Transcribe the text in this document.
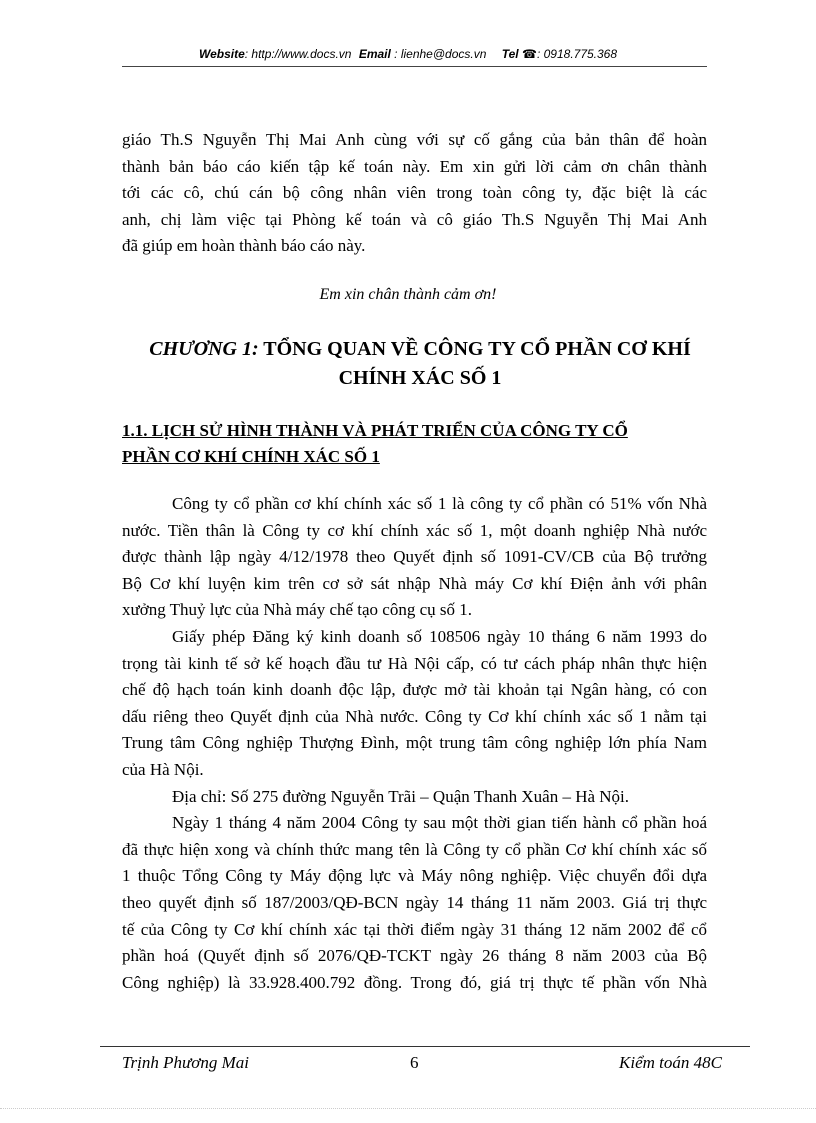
Website: http://www.docs.vn Email : lienhe@docs.vn Tel ☎: 0918.775.368
giáo Th.S Nguyễn Thị Mai Anh cùng với sự cố gắng của bản thân để hoàn
thành bản báo cáo kiến tập kế toán này. Em xin gửi lời cảm ơn chân thành
tới các cô, chú cán bộ công nhân viên trong toàn công ty, đặc biệt là các
anh, chị làm việc tại Phòng kế toán và cô giáo Th.S Nguyễn Thị Mai Anh
đã giúp em hoàn thành báo cáo này.
Em xin chân thành cảm ơn!
CHƯƠNG 1: TỔNG QUAN VỀ CÔNG TY CỔ PHẦN CƠ KHÍ
CHÍNH XÁC SỐ 1
1.1. LỊCH SỬ HÌNH THÀNH VÀ PHÁT TRIỂN CỦA CÔNG TY CỔ
PHẦN CƠ KHÍ CHÍNH XÁC SỐ 1
Công ty cổ phần cơ khí chính xác số 1 là công ty cổ phần có 51% vốn Nhà
nước. Tiền thân là Công ty cơ khí chính xác số 1, một doanh nghiệp Nhà nước
được thành lập ngày 4/12/1978 theo Quyết định số 1091-CV/CB của Bộ trưởng
Bộ Cơ khí luyện kim trên cơ sở sát nhập Nhà máy Cơ khí Điện ảnh với phân
xưởng Thuỷ lực của Nhà máy chế tạo công cụ số 1.
Giấy phép Đăng ký kinh doanh số 108506 ngày 10 tháng 6 năm 1993 do
trọng tài kinh tế sở kế hoạch đầu tư Hà Nội cấp, có tư cách pháp nhân thực hiện
chế độ hạch toán kinh doanh độc lập, được mở tài khoản tại Ngân hàng, có con
dấu riêng theo Quyết định của Nhà nước. Công ty Cơ khí chính xác số 1 nằm tại
Trung tâm Công nghiệp Thượng Đình, một trung tâm công nghiệp lớn phía Nam
của Hà Nội.
Địa chỉ: Số 275 đường Nguyễn Trãi – Quận Thanh Xuân – Hà Nội.
Ngày 1 tháng 4 năm 2004 Công ty sau một thời gian tiến hành cổ phần hoá
đã thực hiện xong và chính thức mang tên là Công ty cổ phần Cơ khí chính xác số
1 thuộc Tổng Công ty Máy động lực và Máy nông nghiệp. Việc chuyển đổi dựa
theo quyết định số 187/2003/QĐ-BCN ngày 14 tháng 11 năm 2003. Giá trị thực
tế của Công ty Cơ khí chính xác tại thời điểm ngày 31 tháng 12 năm 2002 để cổ
phần hoá (Quyết định số 2076/QĐ-TCKT ngày 26 tháng 8 năm 2003 của Bộ
Công nghiệp) là 33.928.400.792 đồng. Trong đó, giá trị thực tế phần vốn Nhà
Trịnh Phương Mai	6	Kiểm toán 48C
